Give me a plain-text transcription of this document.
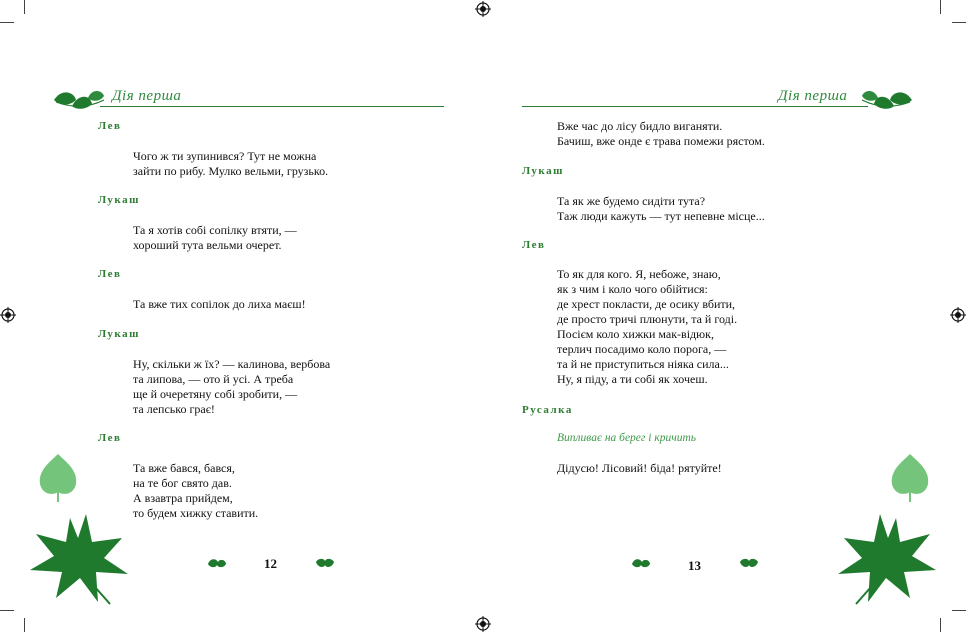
Дія перша
Лев
Чого ж ти зупинився? Тут не можна
зайти по рибу. Мулко вельми, грузько.
Лукаш
Та я хотів собі сопілку втяти, —
хороший тута вельми очерет.
Лев
Та вже тих сопілок до лиха маєш!
Лукаш
Ну, скільки ж їх? — калинова, вербова
та липова, — ото й усі. А треба
ще й очеретяну собі зробити, —
та лепсько грає!
Лев
Та вже бався, бався,
на те бог свято дав.
А взавтра прийдем,
то будем хижку ставити.
12
Дія перша
Вже час до лісу бидло виганяти.
Бачиш, вже онде є трава помежи рястом.
Лукаш
Та як же будемо сидіти тута?
Таж люди кажуть — тут непевне місце...
Лев
То як для кого. Я, небоже, знаю,
як з чим і коло чого обійтися:
де хрест покласти, де осику вбити,
де просто тричі плюнути, та й годі.
Посієм коло хижки мак-відюк,
терлич посадимо коло порога, —
та й не приступиться ніяка сила...
Ну, я піду, а ти собі як хочеш.
Русалка
Випливає на берег і кричить
Дідусю! Лісовий! біда! рятуйте!
13
